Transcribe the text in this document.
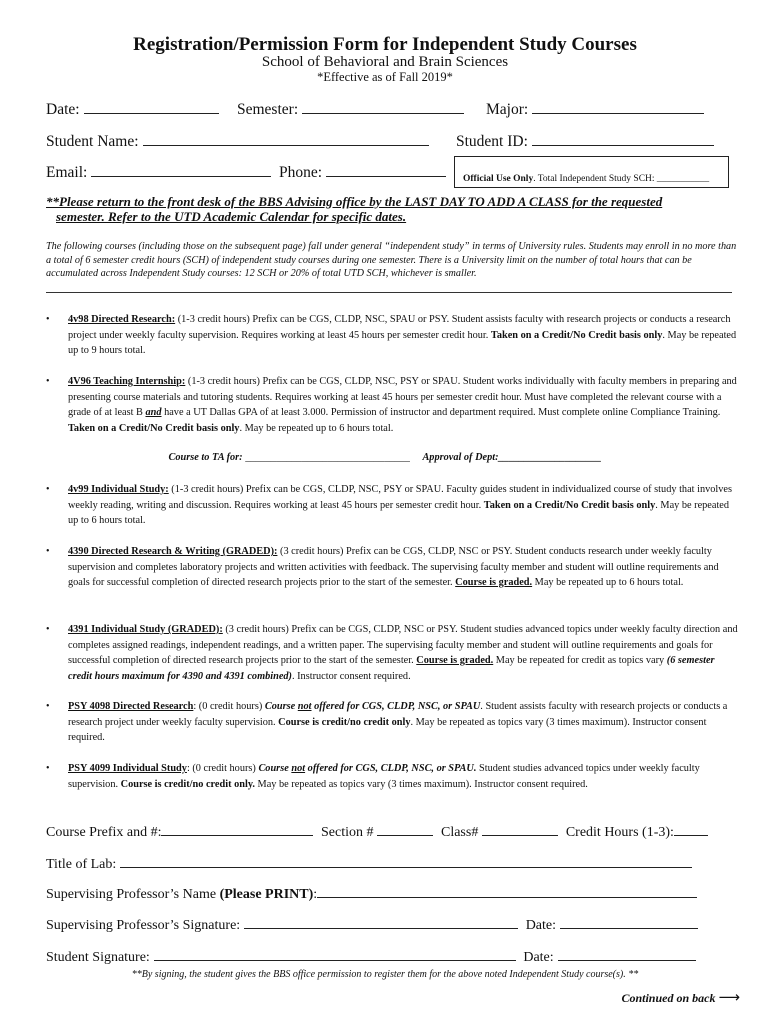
Registration/Permission Form for Independent Study Courses
School of Behavioral and Brain Sciences
*Effective as of Fall 2019*
Date:	Semester:	Major:
Student Name:	Student ID:
Email:	Phone:	Official Use Only. Total Independent Study SCH: ___________
**Please return to the front desk of the BBS Advising office by the LAST DAY TO ADD A CLASS for the requested
semester. Refer to the UTD Academic Calendar for specific dates.
The following courses (including those on the subsequent page) fall under general “independent study” in terms of University rules. Students may enroll in no more than a total of 6 semester credit hours (SCH) of independent study courses during one semester. There is a University limit on the number of total hours that can be accumulated across Independent Study courses: 12 SCH or 20% of total UTD SCH, whichever is smaller.
• 4v98 Directed Research: (1-3 credit hours) Prefix can be CGS, CLDP, NSC, SPAU or PSY. Student assists faculty with research projects or conducts a research project under weekly faculty supervision. Requires working at least 45 hours per semester credit hour. Taken on a Credit/No Credit basis only. May be repeated up to 9 hours total.
• 4V96 Teaching Internship: (1-3 credit hours) Prefix can be CGS, CLDP, NSC, PSY or SPAU. Student works individually with faculty members in preparing and presenting course materials and tutoring students. Requires working at least 45 hours per semester credit hour. Must have completed the relevant course with a grade of at least B and have a UT Dallas GPA of at least 3.000. Permission of instructor and department required. Must complete online Compliance Training. Taken on a Credit/No Credit basis only. May be repeated up to 6 hours total.
Course to TA for: ________________________________ Approval of Dept:____________________
• 4v99 Individual Study: (1-3 credit hours) Prefix can be CGS, CLDP, NSC, PSY or SPAU. Faculty guides student in individualized course of study that involves weekly reading, writing and discussion. Requires working at least 45 hours per semester credit hour. Taken on a Credit/No Credit basis only. May be repeated up to 6 hours total.
• 4390 Directed Research & Writing (GRADED): (3 credit hours) Prefix can be CGS, CLDP, NSC or PSY. Student conducts research under weekly faculty supervision and completes laboratory projects and written activities with feedback. The supervising faculty member and student will outline requirements and goals for successful completion of directed research projects prior to the start of the semester. Course is graded. May be repeated up to 6 hours total.
• 4391 Individual Study (GRADED): (3 credit hours) Prefix can be CGS, CLDP, NSC or PSY. Student studies advanced topics under weekly faculty direction and completes assigned readings, independent readings, and a written paper. The supervising faculty member and student will outline requirements and goals for successful completion of directed research projects prior to the start of the semester. Course is graded. May be repeated for credit as topics vary (6 semester credit hours maximum for 4390 and 4391 combined). Instructor consent required.
• PSY 4098 Directed Research: (0 credit hours) Course not offered for CGS, CLDP, NSC, or SPAU. Student assists faculty with research projects or conducts a research project under weekly faculty supervision. Course is credit/no credit only. May be repeated as topics vary (3 times maximum). Instructor consent required.
• PSY 4099 Individual Study: (0 credit hours) Course not offered for CGS, CLDP, NSC, or SPAU. Student studies advanced topics under weekly faculty supervision. Course is credit/no credit only. May be repeated as topics vary (3 times maximum). Instructor consent required.
Course Prefix and #:	Section #	Class#	Credit Hours (1-3):
Title of Lab:
Supervising Professor’s Name (Please PRINT):
Supervising Professor’s Signature:	Date:
Student Signature:	Date:
**By signing, the student gives the BBS office permission to register them for the above noted Independent Study course(s). **
Continued on back ⟶
